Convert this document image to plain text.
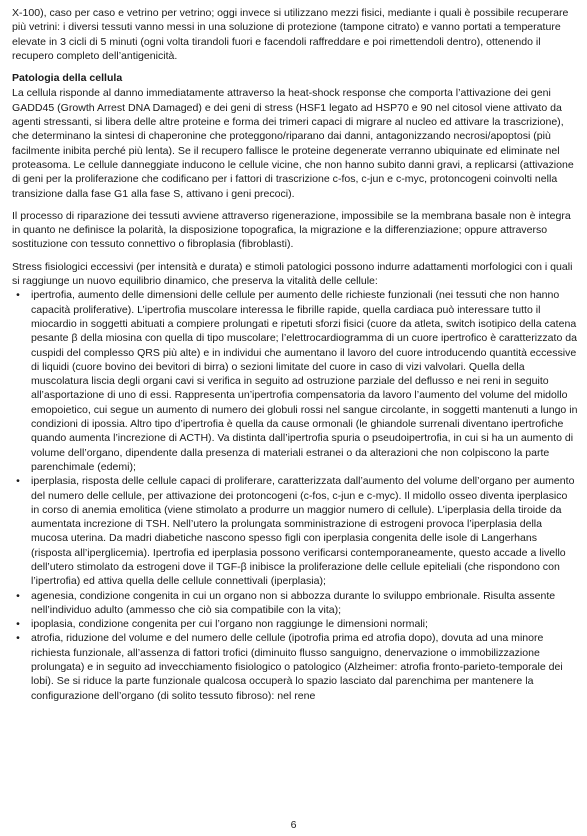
X-100), caso per caso e vetrino per vetrino; oggi invece si utilizzano mezzi fisici, mediante i quali è possibile recuperare più vetrini: i diversi tessuti vanno messi in una soluzione di protezione (tampone citrato) e vanno portati a temperature elevate in 3 cicli di 5 minuti (ogni volta tirandoli fuori e facendoli raffreddare e poi rimettendoli dentro), ottenendo il recupero completo dell’antigenicità.

Patologia della cellula

La cellula risponde al danno immediatamente attraverso la heat-shock response che comporta l’attivazione dei geni GADD45 (Growth Arrest DNA Damaged) e dei geni di stress (HSF1 legato ad HSP70 e 90 nel citosol viene attivato da agenti stressanti, si libera delle altre proteine e forma dei trimeri capaci di migrare al nucleo ed attivare la trascrizione), che determinano la sintesi di chaperonine che proteggono/riparano dai danni, antagonizzando necrosi/apoptosi (più facilmente inibita perché più lenta). Se il recupero fallisce le proteine degenerate verranno ubiquinate ed eliminate nel proteasoma. Le cellule danneggiate inducono le cellule vicine, che non hanno subito danni gravi, a replicarsi (attivazione di geni per la proliferazione che codificano per i fattori di trascrizione c-fos, c-jun e c-myc, protoncogeni coinvolti nella transizione dalla fase G1 alla fase S, attivano i geni precoci).

Il processo di riparazione dei tessuti avviene attraverso rigenerazione, impossibile se la membrana basale non è integra in quanto ne definisce la polarità, la disposizione topografica, la migrazione e la differenziazione; oppure attraverso sostituzione con tessuto connettivo o fibroplasia (fibroblasti).

Stress fisiologici eccessivi (per intensità e durata) e stimoli patologici possono indurre adattamenti morfologici con i quali si raggiunge un nuovo equilibrio dinamico, che preserva la vitalità delle cellule:

•	ipertrofia, aumento delle dimensioni delle cellule per aumento delle richieste funzionali (nei tessuti che non hanno capacità proliferative). L’ipertrofia muscolare interessa le fibrille rapide, quella cardiaca può interessare tutto il miocardio in soggetti abituati a compiere prolungati e ripetuti sforzi fisici (cuore da atleta, switch isotipico della catena pesante β della miosina con quella di tipo muscolare; l’elettrocardiogramma di un cuore ipertrofico è caratterizzato da cuspidi del complesso QRS più alte) e in individui che aumentano il lavoro del cuore introducendo quantità eccessive di liquidi (cuore bovino dei bevitori di birra) o sezioni limitate del cuore in caso di vizi valvolari. Quella della muscolatura liscia degli organi cavi si verifica in seguito ad ostruzione parziale del deflusso e nei reni in seguito all’asportazione di uno di essi. Rappresenta un’ipertrofia compensatoria da lavoro l’aumento del volume del midollo emopoietico, cui segue un aumento di numero dei globuli rossi nel sangue circolante, in soggetti mantenuti a lungo in condizioni di ipossia. Altro tipo d’ipertrofia è quella da cause ormonali (le ghiandole surrenali diventano ipertrofiche quando aumenta l’increzione di ACTH). Va distinta dall’ipertrofia spuria o pseudoipertrofia, in cui si ha un aumento di volume dell’organo, dipendente dalla presenza di materiali estranei o da alterazioni che non colpiscono la parte parenchimale (edemi);
•	iperplasia, risposta delle cellule capaci di proliferare, caratterizzata dall’aumento del volume dell’organo per aumento del numero delle cellule, per attivazione dei protoncogeni (c-fos, c-jun e c-myc). Il midollo osseo diventa iperplasico in corso di anemia emolitica (viene stimolato a produrre un maggior numero di cellule). L’iperplasia della tiroide da aumentata increzione di TSH. Nell’utero la prolungata somministrazione di estrogeni provoca l’iperplasia della mucosa uterina. Da madri diabetiche nascono spesso figli con iperplasia congenita delle isole di Langerhans (risposta all’iperglicemia). Ipertrofia ed iperplasia possono verificarsi contemporaneamente, questo accade a livello dell’utero stimolato da estrogeni dove il TGF-β inibisce la proliferazione delle cellule epiteliali (che rispondono con l’ipertrofia) ed attiva quella delle cellule connettivali (iperplasia);
•	agenesia, condizione congenita in cui un organo non si abbozza durante lo sviluppo embrionale. Risulta assente nell’individuo adulto (ammesso che ciò sia compatibile con la vita);
•	ipoplasia, condizione congenita per cui l’organo non raggiunge le dimensioni normali;
•	atrofia, riduzione del volume e del numero delle cellule (ipotrofia prima ed atrofia dopo), dovuta ad una minore richiesta funzionale, all’assenza di fattori trofici (diminuito flusso sanguigno, denervazione o immobilizzazione prolungata) e in seguito ad invecchiamento fisiologico o patologico (Alzheimer: atrofia fronto-parieto-temporale dei lobi). Se si riduce la parte funzionale qualcosa occuperà lo spazio lasciato dal parenchima per mantenere la configurazione dell’organo (di solito tessuto fibroso): nel rene
6
